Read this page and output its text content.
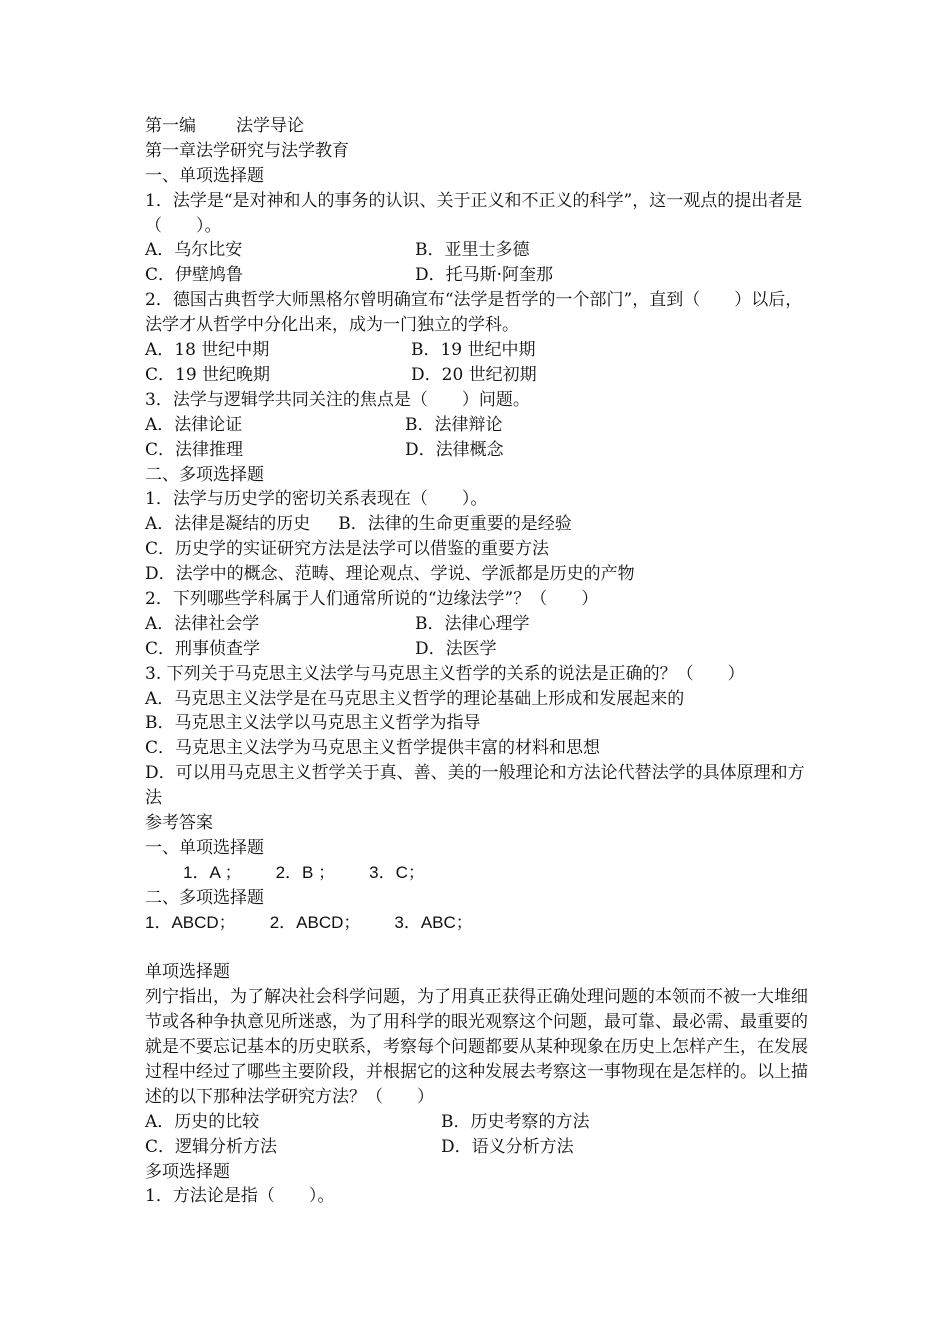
第一编 法学导论
第一章法学研究与法学教育
一、单项选择题
1．法学是“是对神和人的事务的认识、关于正义和不正义的科学”，这一观点的提出者是（　　）。
A．乌尔比安	B．亚里士多德
C．伊壁鸠鲁	D．托马斯·阿奎那
2．德国古典哲学大师黑格尔曾明确宣布“法学是哲学的一个部门”，直到（　　）以后，法学才从哲学中分化出来，成为一门独立的学科。
A．18 世纪中期	B．19 世纪中期
C．19 世纪晚期	D．20 世纪初期
3．法学与逻辑学共同关注的焦点是（　　）问题。
A．法律论证	B．法律辩论
C．法律推理	D．法律概念
二、多项选择题
1．法学与历史学的密切关系表现在（　　）。
A．法律是凝结的历史 B．法律的生命更重要的是经验
C．历史学的实证研究方法是法学可以借鉴的重要方法
D．法学中的概念、范畴、理论观点、学说、学派都是历史的产物
2．下列哪些学科属于人们通常所说的“边缘法学”？（　　）
A．法律社会学	B．法律心理学
C．刑事侦查学	D．法医学
3. 下列关于马克思主义法学与马克思主义哲学的关系的说法是正确的？（　　）
A．马克思主义法学是在马克思主义哲学的理论基础上形成和发展起来的
B．马克思主义法学以马克思主义哲学为指导
C．马克思主义法学为马克思主义哲学提供丰富的材料和思想
D．可以用马克思主义哲学关于真、善、美的一般理论和方法论代替法学的具体原理和方法
参考答案
一、单项选择题
1．A ； 2．B ； 3．C；
二、多项选择题
1．ABCD； 2．ABCD； 3．ABC；
单项选择题
列宁指出，为了解决社会科学问题，为了用真正获得正确处理问题的本领而不被一大堆细节或各种争执意见所迷惑，为了用科学的眼光观察这个问题，最可靠、最必需、最重要的就是不要忘记基本的历史联系，考察每个问题都要从某种现象在历史上怎样产生，在发展过程中经过了哪些主要阶段，并根据它的这种发展去考察这一事物现在是怎样的。以上描述的以下那种法学研究方法？（　　）
A．历史的比较	B．历史考察的方法
C．逻辑分析方法	D．语义分析方法
多项选择题
1．方法论是指（　　）。
